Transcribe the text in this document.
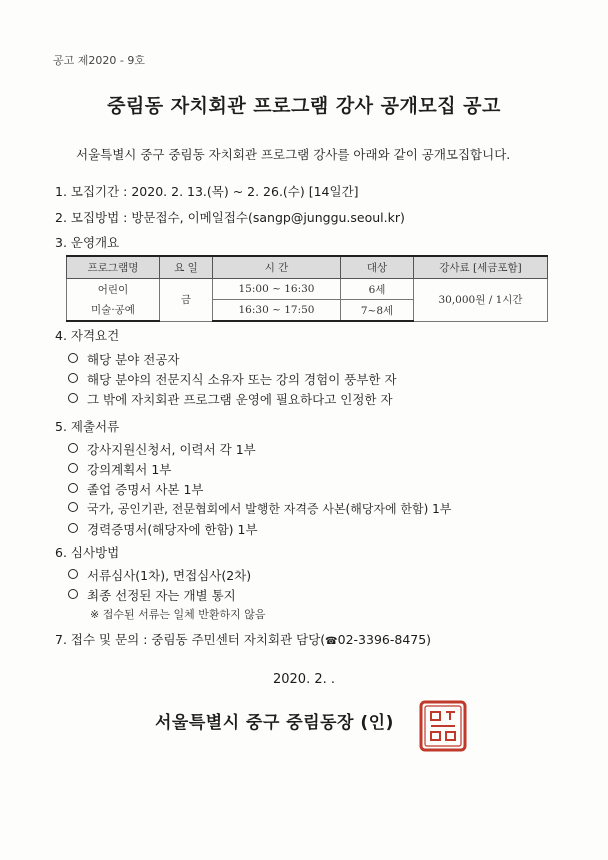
공고 제2020 - 9호
중림동 자치회관 프로그램 강사 공개모집 공고
서울특별시 중구 중림동 자치회관 프로그램 강사를 아래와 같이 공개모집합니다.
1. 모집기간 : 2020. 2. 13.(목) ~ 2. 26.(수) [14일간]
2. 모집방법 : 방문접수, 이메일접수(sangp@junggu.seoul.kr)
3. 운영개요
프로그램명	요 일	시 간	대상	강사료 [세금포함]
어린이	금	15:00 ~ 16:30	6세	30,000원 / 1시간
미술·공예		16:30 ~ 17:50	7~8세	
4. 자격요건
해당 분야 전공자
해당 분야의 전문지식 소유자 또는 강의 경험이 풍부한 자
그 밖에 자치회관 프로그램 운영에 필요하다고 인정한 자
5. 제출서류
강사지원신청서, 이력서 각 1부
강의계획서 1부
졸업 증명서 사본 1부
국가, 공인기관, 전문협회에서 발행한 자격증 사본(해당자에 한함) 1부
경력증명서(해당자에 한함) 1부
6. 심사방법
서류심사(1차), 면접심사(2차)
최종 선정된 자는 개별 통지
※ 접수된 서류는 일체 반환하지 않음
7. 접수 및 문의 : 중림동 주민센터 자치회관 담당(☎02-3396-8475)
2020. 2. .
서울특별시 중구 중림동장 (인)
